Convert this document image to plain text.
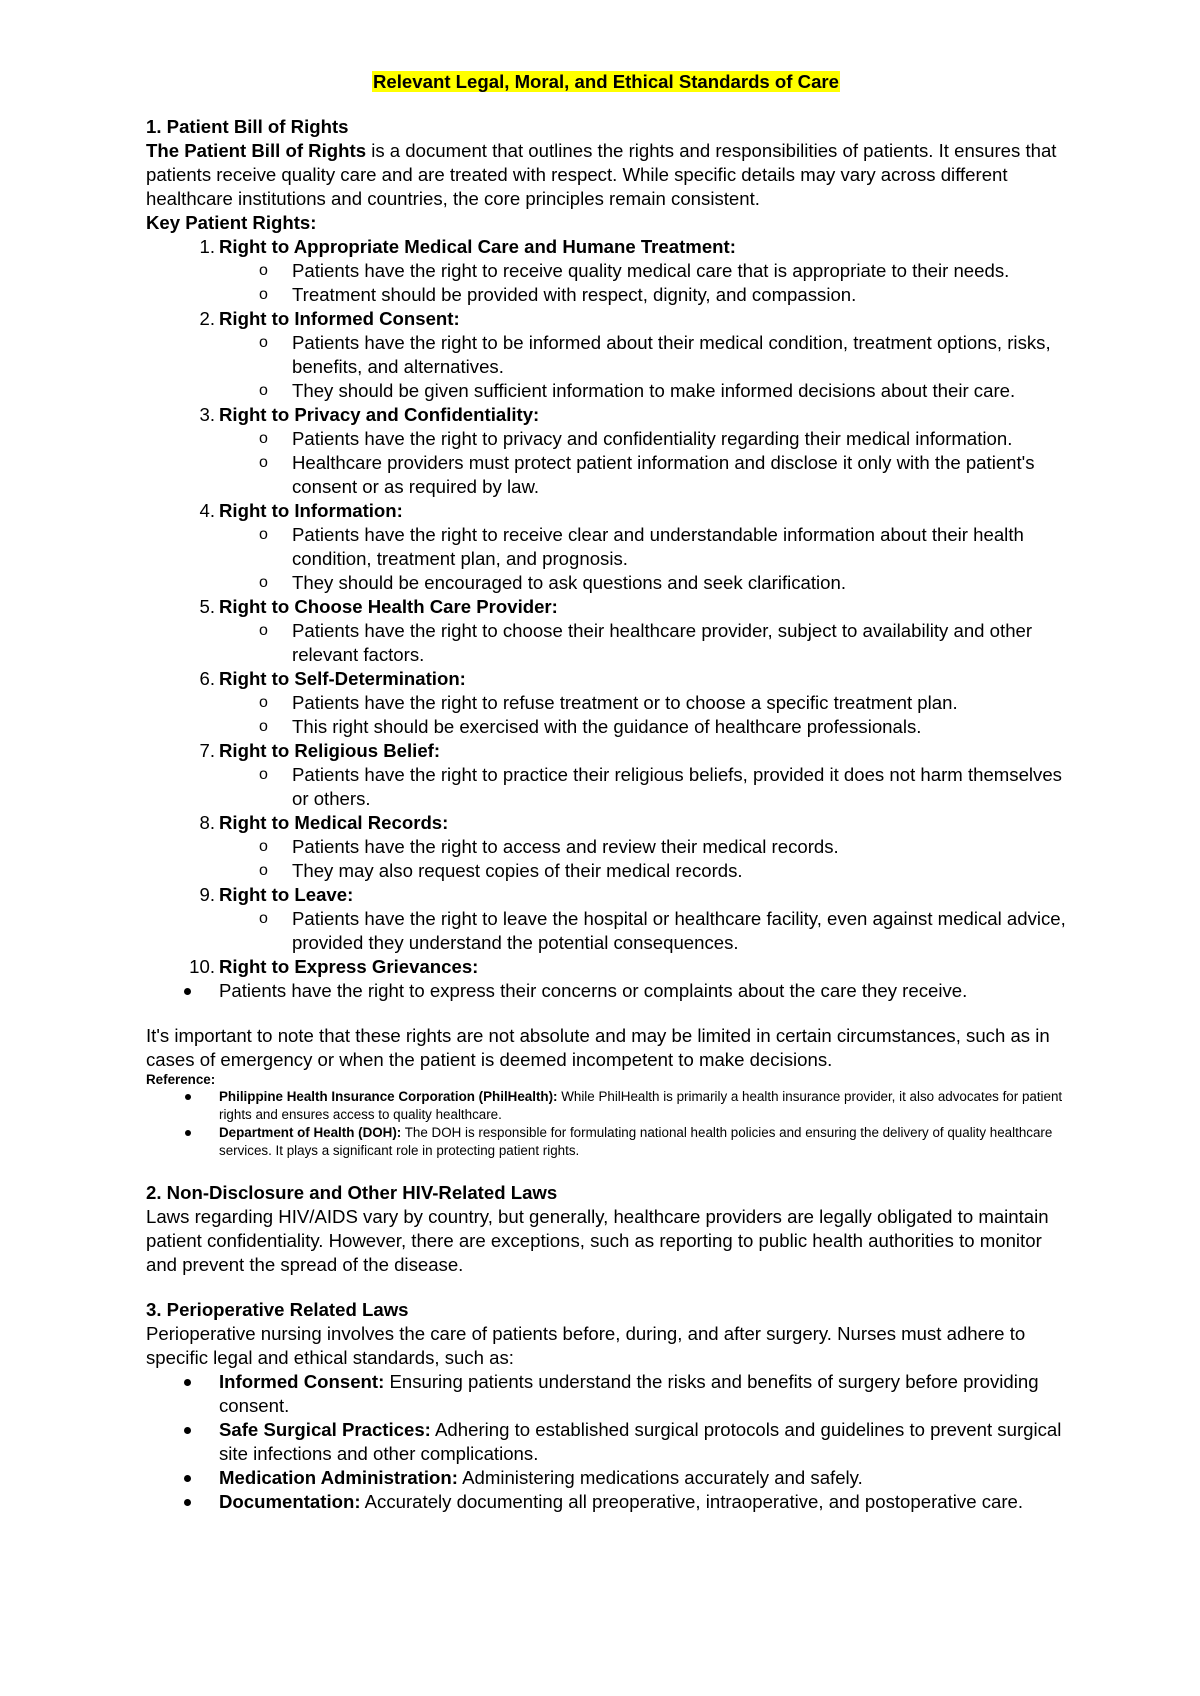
Relevant Legal, Moral, and Ethical Standards of Care
1. Patient Bill of Rights

The Patient Bill of Rights is a document that outlines the rights and responsibilities of patients. It ensures that patients receive quality care and are treated with respect. While specific details may vary across different healthcare institutions and countries, the core principles remain consistent.

Key Patient Rights:

1. Right to Appropriate Medical Care and Humane Treatment:
o Patients have the right to receive quality medical care that is appropriate to their needs.
o Treatment should be provided with respect, dignity, and compassion.
2. Right to Informed Consent:
o Patients have the right to be informed about their medical condition, treatment options, risks, benefits, and alternatives.
o They should be given sufficient information to make informed decisions about their care.
3. Right to Privacy and Confidentiality:
o Patients have the right to privacy and confidentiality regarding their medical information.
o Healthcare providers must protect patient information and disclose it only with the patient's consent or as required by law.
4. Right to Information:
o Patients have the right to receive clear and understandable information about their health condition, treatment plan, and prognosis.
o They should be encouraged to ask questions and seek clarification.
5. Right to Choose Health Care Provider:
o Patients have the right to choose their healthcare provider, subject to availability and other relevant factors.
6. Right to Self-Determination:
o Patients have the right to refuse treatment or to choose a specific treatment plan.
o This right should be exercised with the guidance of healthcare professionals.
7. Right to Religious Belief:
o Patients have the right to practice their religious beliefs, provided it does not harm themselves or others.
8. Right to Medical Records:
o Patients have the right to access and review their medical records.
o They may also request copies of their medical records.
9. Right to Leave:
o Patients have the right to leave the hospital or healthcare facility, even against medical advice, provided they understand the potential consequences.
10. Right to Express Grievances:
Patients have the right to express their concerns or complaints about the care they receive.

It's important to note that these rights are not absolute and may be limited in certain circumstances, such as in cases of emergency or when the patient is deemed incompetent to make decisions.

Reference:
Philippine Health Insurance Corporation (PhilHealth): While PhilHealth is primarily a health insurance provider, it also advocates for patient rights and ensures access to quality healthcare.
Department of Health (DOH): The DOH is responsible for formulating national health policies and ensuring the delivery of quality healthcare services. It plays a significant role in protecting patient rights.
2. Non-Disclosure and Other HIV-Related Laws

Laws regarding HIV/AIDS vary by country, but generally, healthcare providers are legally obligated to maintain patient confidentiality. However, there are exceptions, such as reporting to public health authorities to monitor and prevent the spread of the disease.

3. Perioperative Related Laws

Perioperative nursing involves the care of patients before, during, and after surgery. Nurses must adhere to specific legal and ethical standards, such as:

Informed Consent: Ensuring patients understand the risks and benefits of surgery before providing consent.
Safe Surgical Practices: Adhering to established surgical protocols and guidelines to prevent surgical site infections and other complications.
Medication Administration: Administering medications accurately and safely.
Documentation: Accurately documenting all preoperative, intraoperative, and postoperative care.
